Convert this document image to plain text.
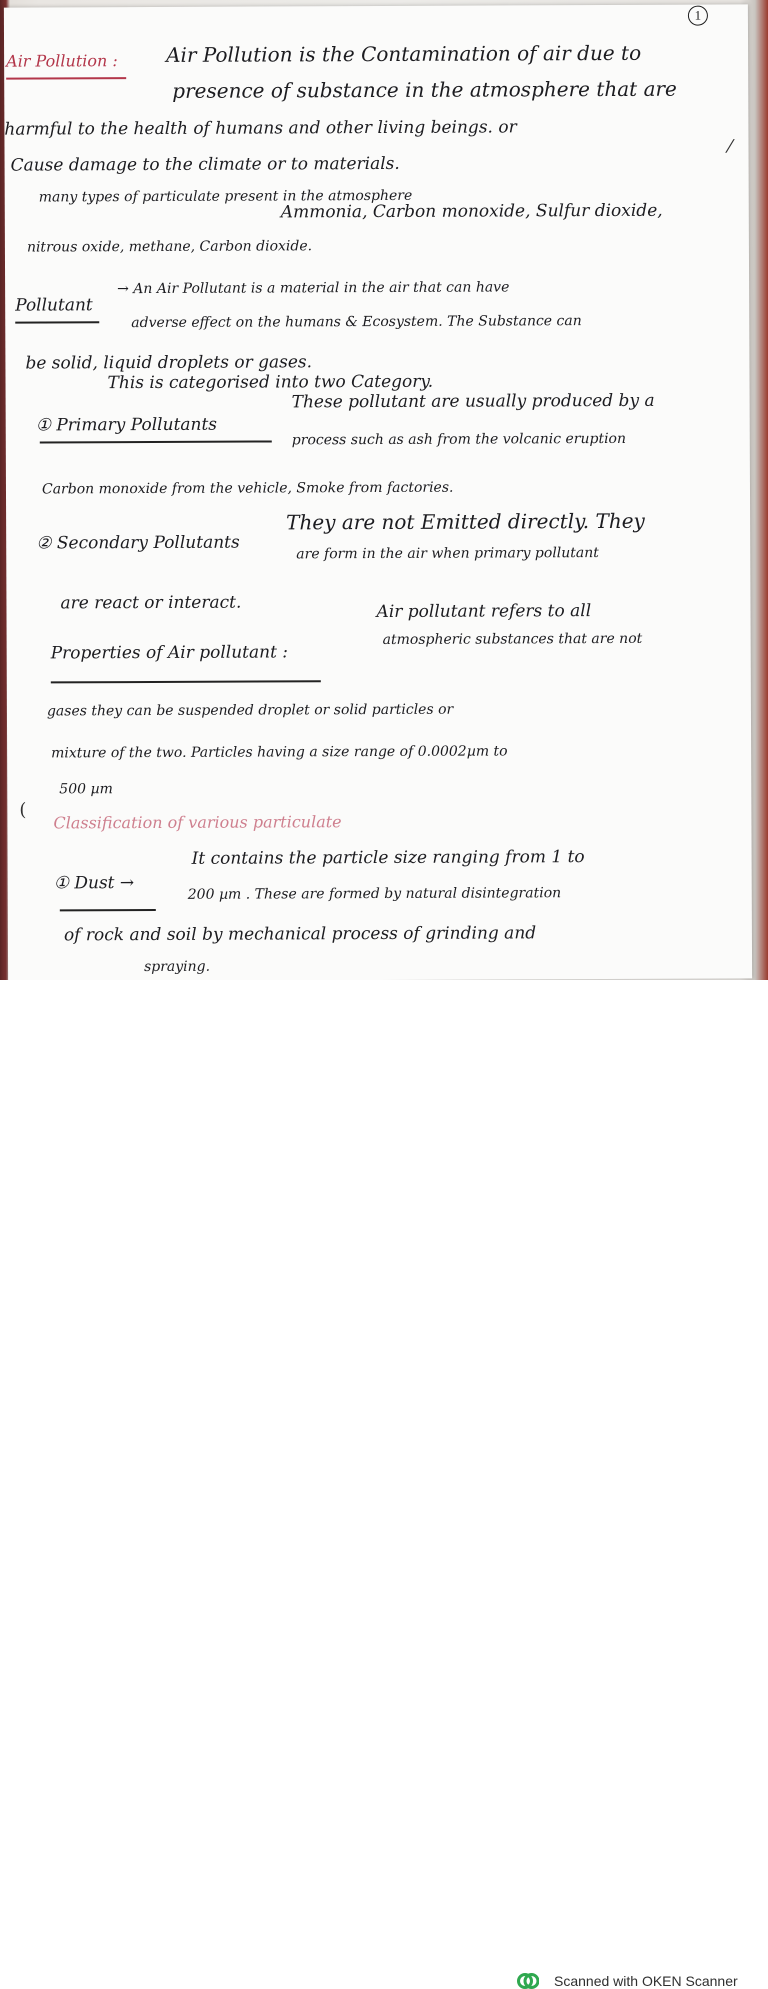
1
Air Pollution : Air Pollution is the Contamination of air due to
presence of substance in the atmosphere that are
harmful to the health of humans and other living beings. or
Cause damage to the climate or to materials.
many types of particulate present in the atmosphere
Ammonia, Carbon monoxide, Sulfur dioxide,
nitrous oxide, methane, Carbon dioxide.
Pollutant
→ An Air Pollutant is a material in the air that can have
adverse effect on the humans & Ecosystem. The Substance can
be solid, liquid droplets or gases.
This is categorised into two Category.
① Primary Pollutants
These pollutant are usually produced by a
process such as ash from the volcanic eruption
Carbon monoxide from the vehicle, Smoke from factories.
② Secondary Pollutants
They are not Emitted directly. They
are form in the air when primary pollutant
are react or interact.
Properties of Air pollutant :
Air pollutant refers to all
atmospheric substances that are not
gases they can be suspended droplet or solid particles or
mixture of the two. Particles having a size range of 0.0002µm to
500 µm
Classification of various particulate
① Dust →
It contains the particle size ranging from 1 to
200 µm . These are formed by natural disintegration
of rock and soil by mechanical process of grinding and
spraying.
⁄
(
Scanned with OKEN Scanner
